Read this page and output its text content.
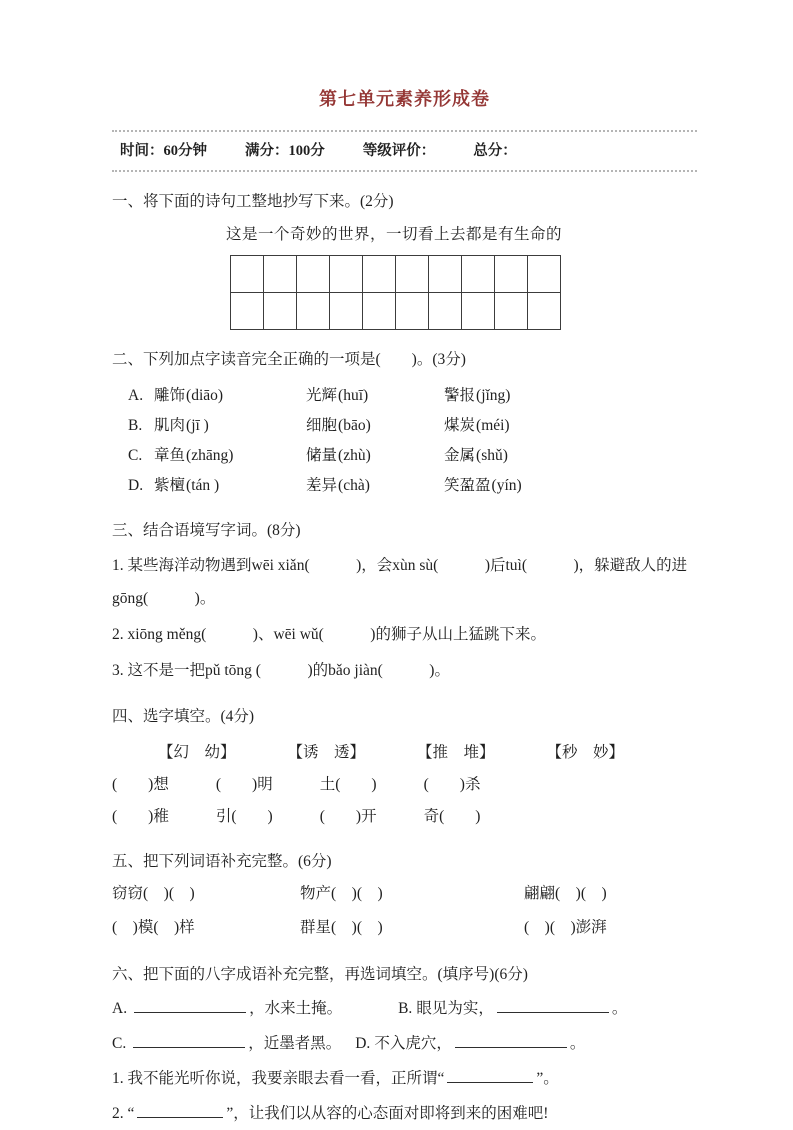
第七单元素养形成卷
时间：60分钟	满分：100分	等级评价：	总分：
一、将下面的诗句工整地抄写下来。(2分)
这是一个奇妙的世界，一切看上去都是有生命的

二、下列加点字读音完全正确的一项是(　　)。(3分)
A. 雕 ·饰(diāo)	光辉 ·(huī)	警 ·报(jǐng)
B. 肌 ·肉(jī )	细胞 ·(bāo)	煤 ·炭(méi)
C. 章 ·鱼(zhāng)	储 ·量(zhù)	金属 ·(shǔ)
D. 紫檀 ·(tán )	差 ·异(chà)	笑盈 ·盈(yín)
三、结合语境写字词。(8分)
1. 某些海洋动物遇到wēi xiǎn(　　　)，会xùn sù(　　　)后tuì(　　　)，躲避敌人的进gōng(　　　)。
2. xiōng měng(　　　)、wēi wǔ(　　　)的狮子从山上猛跳下来。
3. 这不是一把pǔ tōng (　　　)的bǎo jiàn(　　　)。
四、选字填空。(4分)
【幻　幼】	【诱　透】	【推　堆】	【秒　妙】
(　　)想	(　　)明	土(　　)	(　　)杀
(　　)稚	引(　　)	(　　)开	奇(　　)
五、把下列词语补充完整。(6分)
窃窃(　)(　)	物产(　)(　)	翩翩(　)(　)
(　)模(　)样	群星(　)(　)	(　)(　)澎湃
六、把下面的八字成语补充完整，再选词填空。(填序号)(6分)
A.	，水来土掩。	B. 眼见为实，	。
C.	，近墨者黑。 D. 不入虎穴，	。
1. 我不能光听你说，我要亲眼去看一看，正所谓“	”。
2. “	”，让我们以从容的心态面对即将到来的困难吧!
